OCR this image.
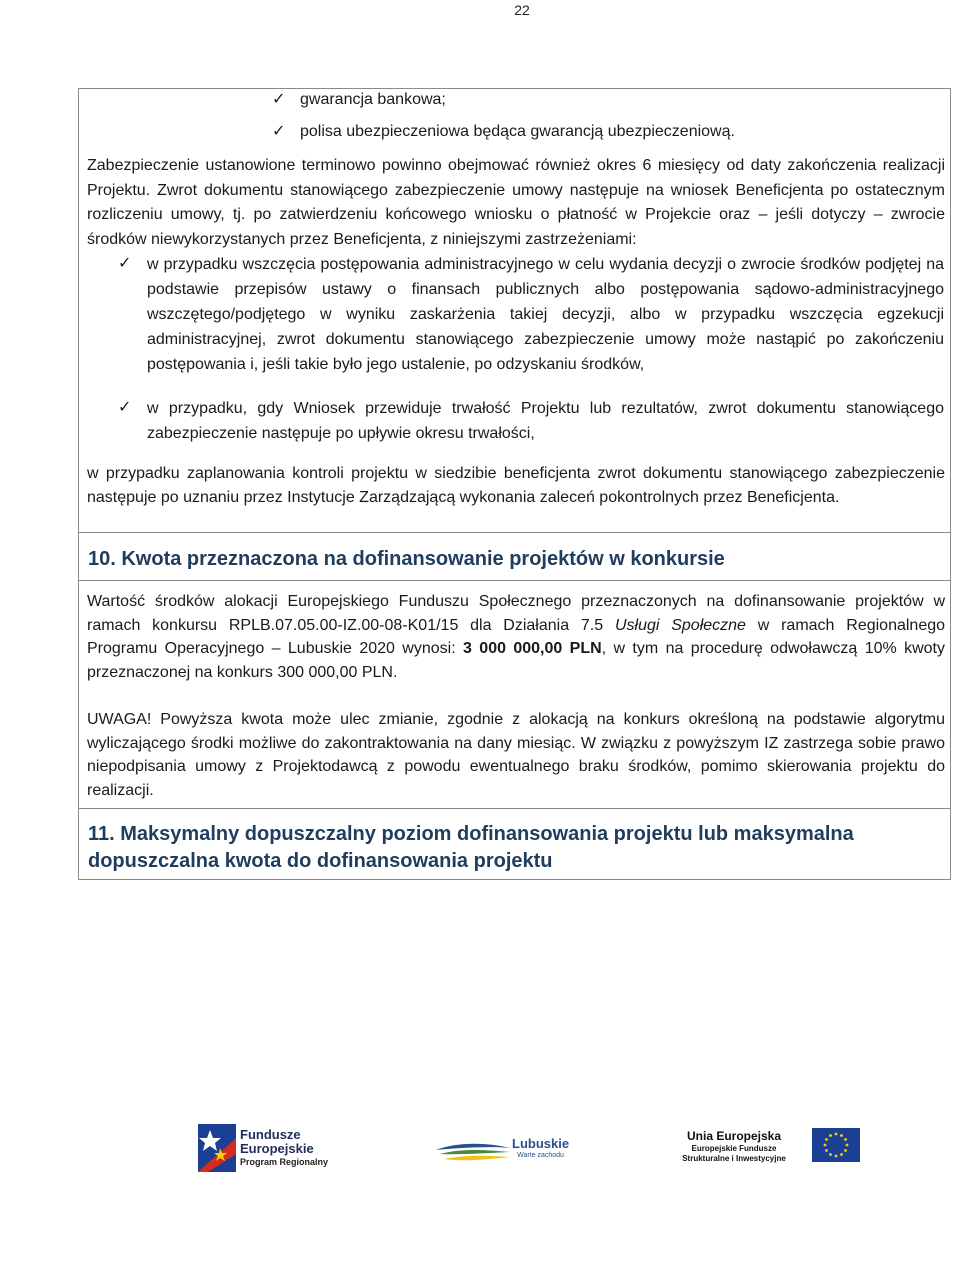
22
✓ gwarancja bankowa;
✓ polisa ubezpieczeniowa będąca gwarancją ubezpieczeniową.
Zabezpieczenie ustanowione terminowo powinno obejmować również okres 6 miesięcy od daty zakończenia realizacji Projektu. Zwrot dokumentu stanowiącego zabezpieczenie umowy następuje na wniosek Beneficjenta po ostatecznym rozliczeniu umowy, tj. po zatwierdzeniu końcowego wniosku o płatność w Projekcie oraz – jeśli dotyczy – zwrocie środków niewykorzystanych przez Beneficjenta, z niniejszymi zastrzeżeniami:
✓ w przypadku wszczęcia postępowania administracyjnego w celu wydania decyzji o zwrocie środków podjętej na podstawie przepisów ustawy o finansach publicznych albo postępowania sądowo-administracyjnego wszczętego/podjętego w wyniku zaskarżenia takiej decyzji, albo w przypadku wszczęcia egzekucji administracyjnej, zwrot dokumentu stanowiącego zabezpieczenie umowy może nastąpić po zakończeniu postępowania i, jeśli takie było jego ustalenie, po odzyskaniu środków,
✓ w przypadku, gdy Wniosek przewiduje trwałość Projektu lub rezultatów, zwrot dokumentu stanowiącego zabezpieczenie następuje po upływie okresu trwałości,
w przypadku zaplanowania kontroli projektu w siedzibie beneficjenta zwrot dokumentu stanowiącego zabezpieczenie następuje po uznaniu przez Instytucje Zarządzającą wykonania zaleceń pokontrolnych przez Beneficjenta.
10. Kwota przeznaczona na dofinansowanie projektów w konkursie
Wartość środków alokacji Europejskiego Funduszu Społecznego przeznaczonych na dofinansowanie projektów w ramach konkursu RPLB.07.05.00-IZ.00-08-K01/15 dla Działania 7.5 Usługi Społeczne w ramach Regionalnego Programu Operacyjnego – Lubuskie 2020 wynosi: 3 000 000,00 PLN, w tym na procedurę odwoławczą 10% kwoty przeznaczonej na konkurs 300 000,00 PLN.
UWAGA! Powyższa kwota może ulec zmianie, zgodnie z alokacją na konkurs określoną na podstawie algorytmu wyliczającego środki możliwe do zakontraktowania na dany miesiąc. W związku z powyższym IZ zastrzega sobie prawo niepodpisania umowy z Projektodawcą z powodu ewentualnego braku środków, pomimo skierowania projektu do realizacji.
11. Maksymalny dopuszczalny poziom dofinansowania projektu lub maksymalna
dopuszczalna kwota do dofinansowania projektu
Fundusze
Europejskie
Program Regionalny
Lubuskie
Warte zachodu
Unia Europejska
Europejskie Fundusze
Strukturalne i Inwestycyjne
